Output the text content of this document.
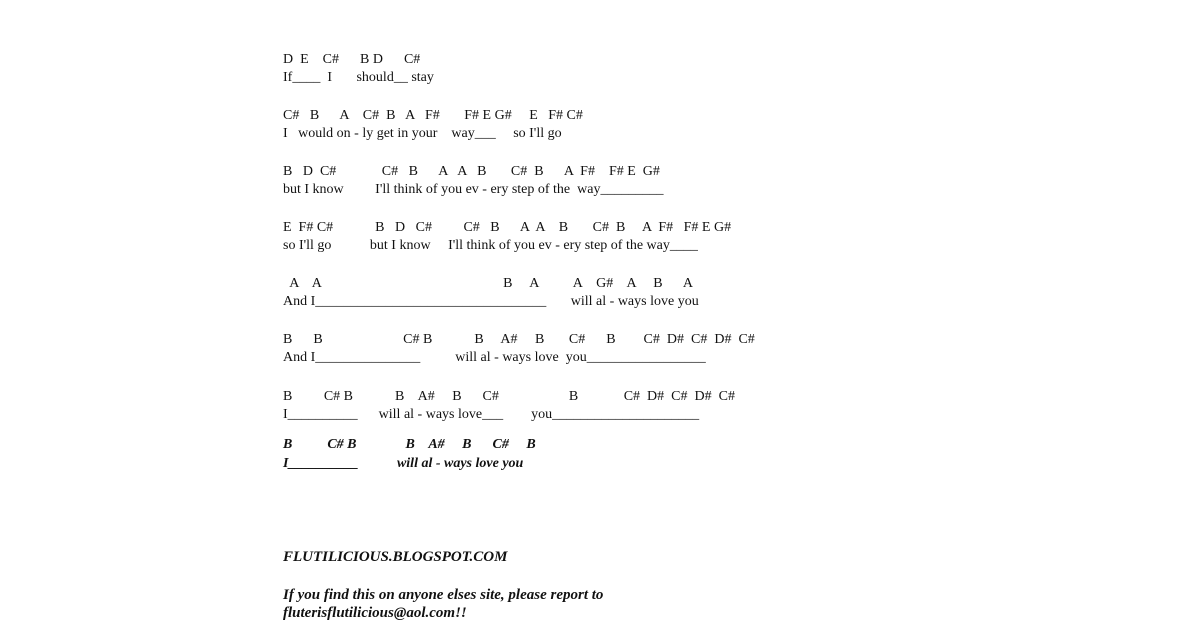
D  E    C#      B D      C#
If____  I       should__ stay
C#   B      A    C#  B   A   F#       F# E G#     E   F# C#
I   would on - ly get in your    way___     so I'll go
B   D  C#             C#   B      A   A   B       C#  B      A  F#    F# E  G#
but I know         I'll think of you ev - ery step of the  way_________
E  F# C#            B   D   C#         C#   B      A  A    B       C#  B     A  F#   F# E G#
so I'll go           but I know     I'll think of you ev - ery step of the way____
A    A                                                    B     A          A    G#    A     B      A
And I_________________________________       will al - ways love you
B      B                       C# B            B     A#     B       C#      B        C#  D#  C#  D#  C#
And I_______________          will al - ways love  you_________________
B         C# B            B    A#     B      C#                    B             C#  D#  C#  D#  C#
I__________      will al - ways love___        you_____________________
B          C# B              B    A#     B      C#     B
I__________           will al - ways love you
FLUTILICIOUS.BLOGSPOT.COM
If you find this on anyone elses site, please report to
fluterisflutilicious@aol.com!!
